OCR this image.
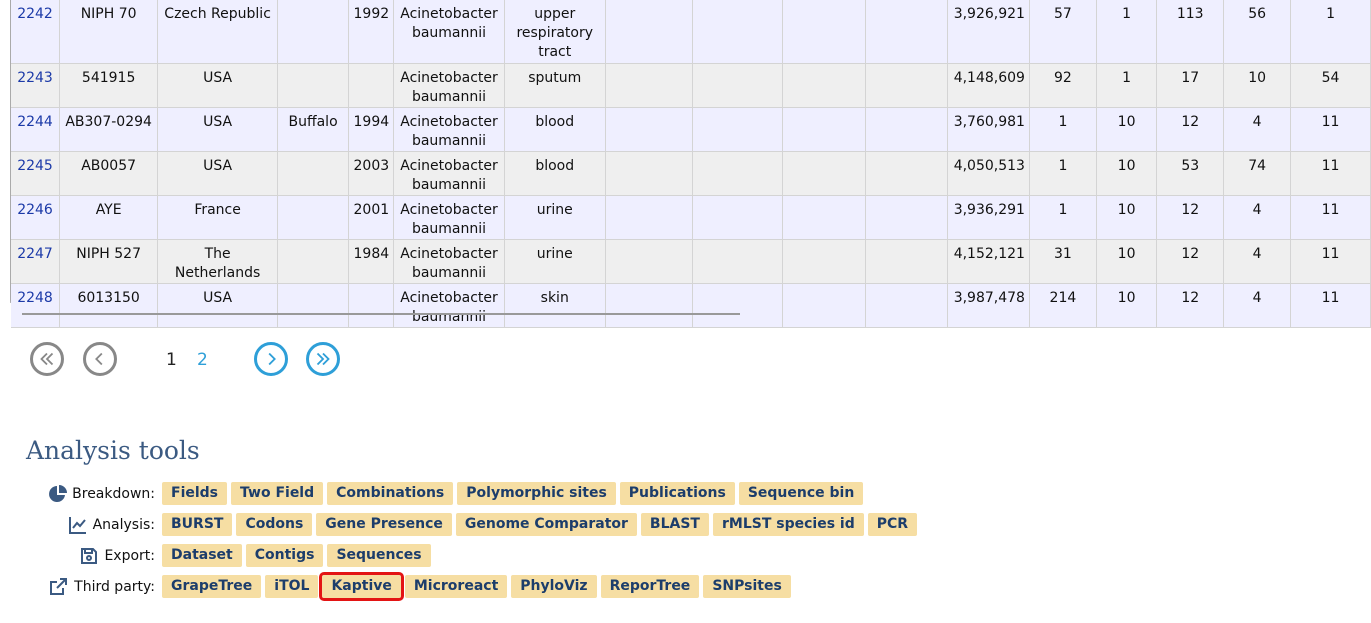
2242	NIPH 70	Czech Republic		1992	Acinetobacter baumannii	upper respiratory tract					3,926,921	57	1	113	56	1
2243	541915	USA			Acinetobacter baumannii	sputum					4,148,609	92	1	17	10	54
2244	AB307-0294	USA	Buffalo	1994	Acinetobacter baumannii	blood					3,760,981	1	10	12	4	11
2245	AB0057	USA		2003	Acinetobacter baumannii	blood					4,050,513	1	10	53	74	11
2246	AYE	France		2001	Acinetobacter baumannii	urine					3,936,291	1	10	12	4	11
2247	NIPH 527	The Netherlands		1984	Acinetobacter baumannii	urine					4,152,121	31	10	12	4	11
2248	6013150	USA			Acinetobacter baumannii	skin					3,987,478	214	10	12	4	11
1 2
Analysis tools
Breakdown:	Fields	Two Field	Combinations	Polymorphic sites	Publications	Sequence bin
Analysis:	BURST	Codons	Gene Presence	Genome Comparator	BLAST	rMLST species id	PCR
Export:	Dataset	Contigs	Sequences
Third party:	GrapeTree	iTOL	Kaptive	Microreact	PhyloViz	ReporTree	SNPsites
